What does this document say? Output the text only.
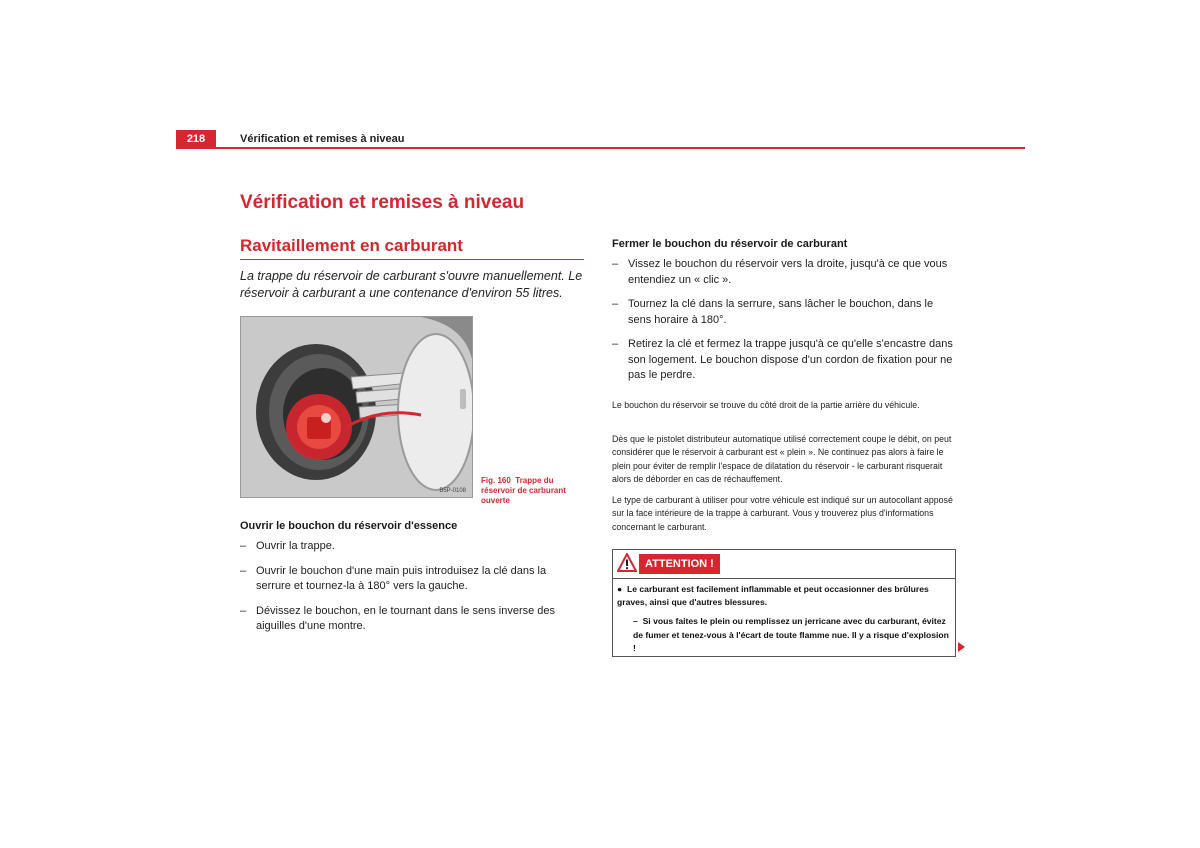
218	Vérification et remises à niveau
Vérification et remises à niveau
Ravitaillement en carburant

La trappe du réservoir de carburant s'ouvre manuellement. Le réservoir à carburant a une contenance d'environ 55 litres.

B5P-0108
Fig. 160 Trappe du réservoir de carburant ouverte
Ouvrir le bouchon du réservoir d'essence
– Ouvrir la trappe.
– Ouvrir le bouchon d'une main puis introduisez la clé dans la serrure et tournez-la à 180° vers la gauche.
– Dévissez le bouchon, en le tournant dans le sens inverse des aiguilles d'une montre.
Fermer le bouchon du réservoir de carburant
– Vissez le bouchon du réservoir vers la droite, jusqu'à ce que vous entendiez un « clic ».
– Tournez la clé dans la serrure, sans lâcher le bouchon, dans le sens horaire à 180°.
– Retirez la clé et fermez la trappe jusqu'à ce qu'elle s'encastre dans son logement. Le bouchon dispose d'un cordon de fixation pour ne pas le perdre.

Le bouchon du réservoir se trouve du côté droit de la partie arrière du véhicule.

Dès que le pistolet distributeur automatique utilisé correctement coupe le débit, on peut considérer que le réservoir à carburant est « plein ». Ne continuez pas alors à faire le plein pour éviter de remplir l'espace de dilatation du réservoir - le carburant risquerait alors de déborder en cas de réchauffement.

Le type de carburant à utiliser pour votre véhicule est indiqué sur un autocollant apposé sur la face intérieure de la trappe à carburant. Vous y trouverez plus d'informations concernant le carburant.

ATTENTION !
●  Le carburant est facilement inflammable et peut occasionner des brûlures graves, ainsi que d'autres blessures.
–  Si vous faites le plein ou remplissez un jerricane avec du carburant, évitez de fumer et tenez-vous à l'écart de toute flamme nue. Il y a risque d'explosion !
